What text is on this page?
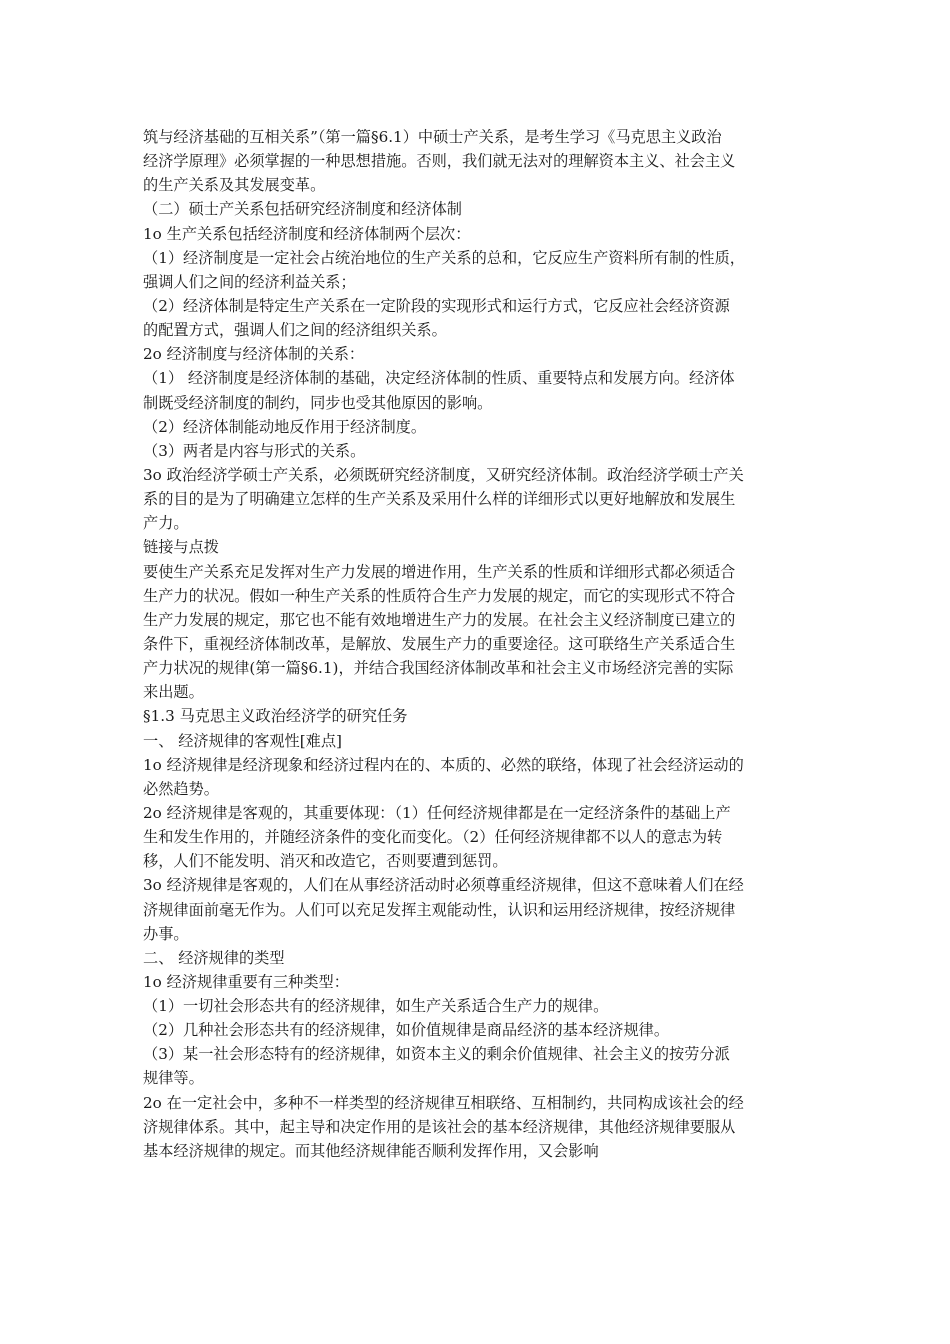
筑与经济基础的互相关系”（第一篇§6.1）中硕士产关系，是考生学习《马克思主义政治
经济学原理》必须掌握的一种思想措施。否则，我们就无法对的理解资本主义、社会主义
的生产关系及其发展变革。
（二）硕士产关系包括研究经济制度和经济体制
1o 生产关系包括经济制度和经济体制两个层次：
（1）经济制度是一定社会占统治地位的生产关系的总和，它反应生产资料所有制的性质，
强调人们之间的经济利益关系；
（2）经济体制是特定生产关系在一定阶段的实现形式和运行方式，它反应社会经济资源
的配置方式，强调人们之间的经济组织关系。
2o 经济制度与经济体制的关系：
（1） 经济制度是经济体制的基础，决定经济体制的性质、重要特点和发展方向。经济体
制既受经济制度的制约，同步也受其他原因的影响。
（2）经济体制能动地反作用于经济制度。
（3）两者是内容与形式的关系。
3o 政治经济学硕士产关系，必须既研究经济制度，又研究经济体制。政治经济学硕士产关
系的目的是为了明确建立怎样的生产关系及采用什么样的详细形式以更好地解放和发展生
产力。
链接与点拨
要使生产关系充足发挥对生产力发展的增进作用，生产关系的性质和详细形式都必须适合
生产力的状况。假如一种生产关系的性质符合生产力发展的规定，而它的实现形式不符合
生产力发展的规定，那它也不能有效地增进生产力的发展。在社会主义经济制度已建立的
条件下，重视经济体制改革，是解放、发展生产力的重要途径。这可联络生产关系适合生
产力状况的规律(第一篇§6.1)，并结合我国经济体制改革和社会主义市场经济完善的实际
来出题。
§1.3 马克思主义政治经济学的研究任务
一、 经济规律的客观性[难点]
1o 经济规律是经济现象和经济过程内在的、本质的、必然的联络，体现了社会经济运动的
必然趋势。
2o 经济规律是客观的，其重要体现：（1）任何经济规律都是在一定经济条件的基础上产
生和发生作用的，并随经济条件的变化而变化。（2）任何经济规律都不以人的意志为转
移，人们不能发明、消灭和改造它，否则要遭到惩罚。
3o 经济规律是客观的，人们在从事经济活动时必须尊重经济规律，但这不意味着人们在经
济规律面前毫无作为。人们可以充足发挥主观能动性，认识和运用经济规律，按经济规律
办事。
二、 经济规律的类型
1o 经济规律重要有三种类型：
（1）一切社会形态共有的经济规律，如生产关系适合生产力的规律。
（2）几种社会形态共有的经济规律，如价值规律是商品经济的基本经济规律。
（3）某一社会形态特有的经济规律，如资本主义的剩余价值规律、社会主义的按劳分派
规律等。
2o 在一定社会中，多种不一样类型的经济规律互相联络、互相制约，共同构成该社会的经
济规律体系。其中，起主导和决定作用的是该社会的基本经济规律，其他经济规律要服从
基本经济规律的规定。而其他经济规律能否顺利发挥作用，又会影响
